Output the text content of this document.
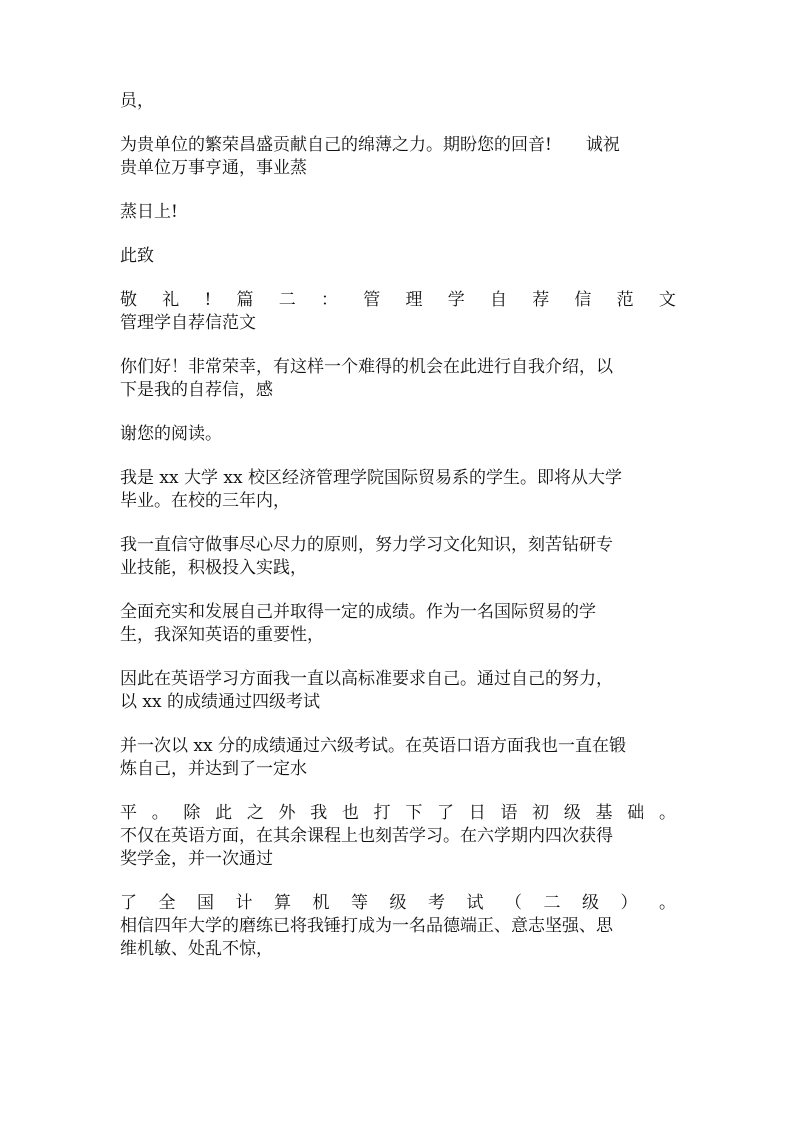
员，

为贵单位的繁荣昌盛贡献自己的绵薄之力。期盼您的回音!　　诚祝
贵单位万事亨通，事业蒸

蒸日上!

此致

敬 礼 ! 篇 二 ： 管 理 学 自 荐 信 范 文
管理学自荐信范文

你们好！非常荣幸，有这样一个难得的机会在此进行自我介绍，以
下是我的自荐信，感

谢您的阅读。

我是 xx 大学 xx 校区经济管理学院国际贸易系的学生。即将从大学
毕业。在校的三年内，

我一直信守做事尽心尽力的原则，努力学习文化知识，刻苦钻研专
业技能，积极投入实践，

全面充实和发展自己并取得一定的成绩。作为一名国际贸易的学
生，我深知英语的重要性，

因此在英语学习方面我一直以高标准要求自己。通过自己的努力，
以 xx 的成绩通过四级考试

并一次以 xx 分的成绩通过六级考试。在英语口语方面我也一直在锻
炼自己，并达到了一定水

平 。 除 此 之 外 我 也 打 下 了 日 语 初 级 基 础 。
不仅在英语方面，在其余课程上也刻苦学习。在六学期内四次获得
奖学金，并一次通过

了 全 国 计 算 机 等 级 考 试 （ 二 级 ） 。
相信四年大学的磨练已将我锤打成为一名品德端正、意志坚强、思
维机敏、处乱不惊，
